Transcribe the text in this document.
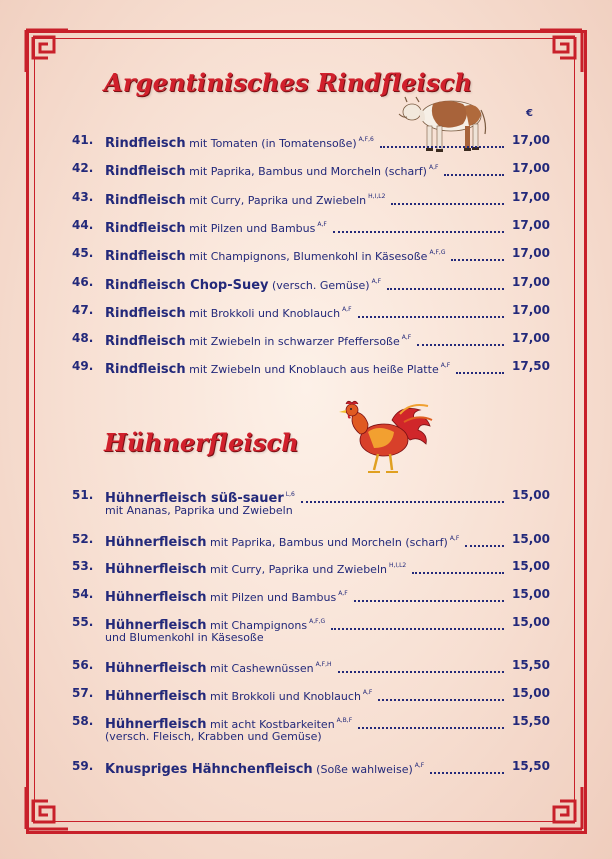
Argentinisches Rindfleisch
€
41. Rindfleisch mit Tomaten (in Tomatensoße) $^{A,F,6}$	17,00
42. Rindfleisch mit Paprika, Bambus und Morcheln (scharf) $^{A,F}$	17,00
43. Rindfleisch mit Curry, Paprika und Zwiebeln $^{H,I,L2}$	17,00
44. Rindfleisch mit Pilzen und Bambus $^{A,F}$	17,00
45. Rindfleisch mit Champignons, Blumenkohl in Käsesoße $^{A,F,G}$	17,00
46. Rindfleisch Chop-Suey (versch. Gemüse) $^{A,F}$	17,00
47. Rindfleisch mit Brokkoli und Knoblauch $^{A,F}$	17,00
48. Rindfleisch mit Zwiebeln in schwarzer Pfeffersoße $^{A,F}$	17,00
49. Rindfleisch mit Zwiebeln und Knoblauch aus heiße Platte $^{A,F}$	17,50
Hühnerfleisch
51. Hühnerfleisch süß-sauer $^{L,6}$	15,00
mit Ananas, Paprika und Zwiebeln
52. Hühnerfleisch mit Paprika, Bambus und Morcheln (scharf) $^{A,F}$	15,00
53. Hühnerfleisch mit Curry, Paprika und Zwiebeln $^{H,I,L2}$	15,00
54. Hühnerfleisch mit Pilzen und Bambus $^{A,F}$	15,00
55. Hühnerfleisch mit Champignons $^{A,F,G}$	15,00
und Blumenkohl in Käsesoße
56. Hühnerfleisch mit Cashewnüssen $^{A,F,H}$	15,50
57. Hühnerfleisch mit Brokkoli und Knoblauch $^{A,F}$	15,00
58. Hühnerfleisch mit acht Kostbarkeiten $^{A,B,F}$	15,50
(versch. Fleisch, Krabben und Gemüse)
59. Knuspriges Hähnchenfleisch (Soße wahlweise) $^{A,F}$	15,50
